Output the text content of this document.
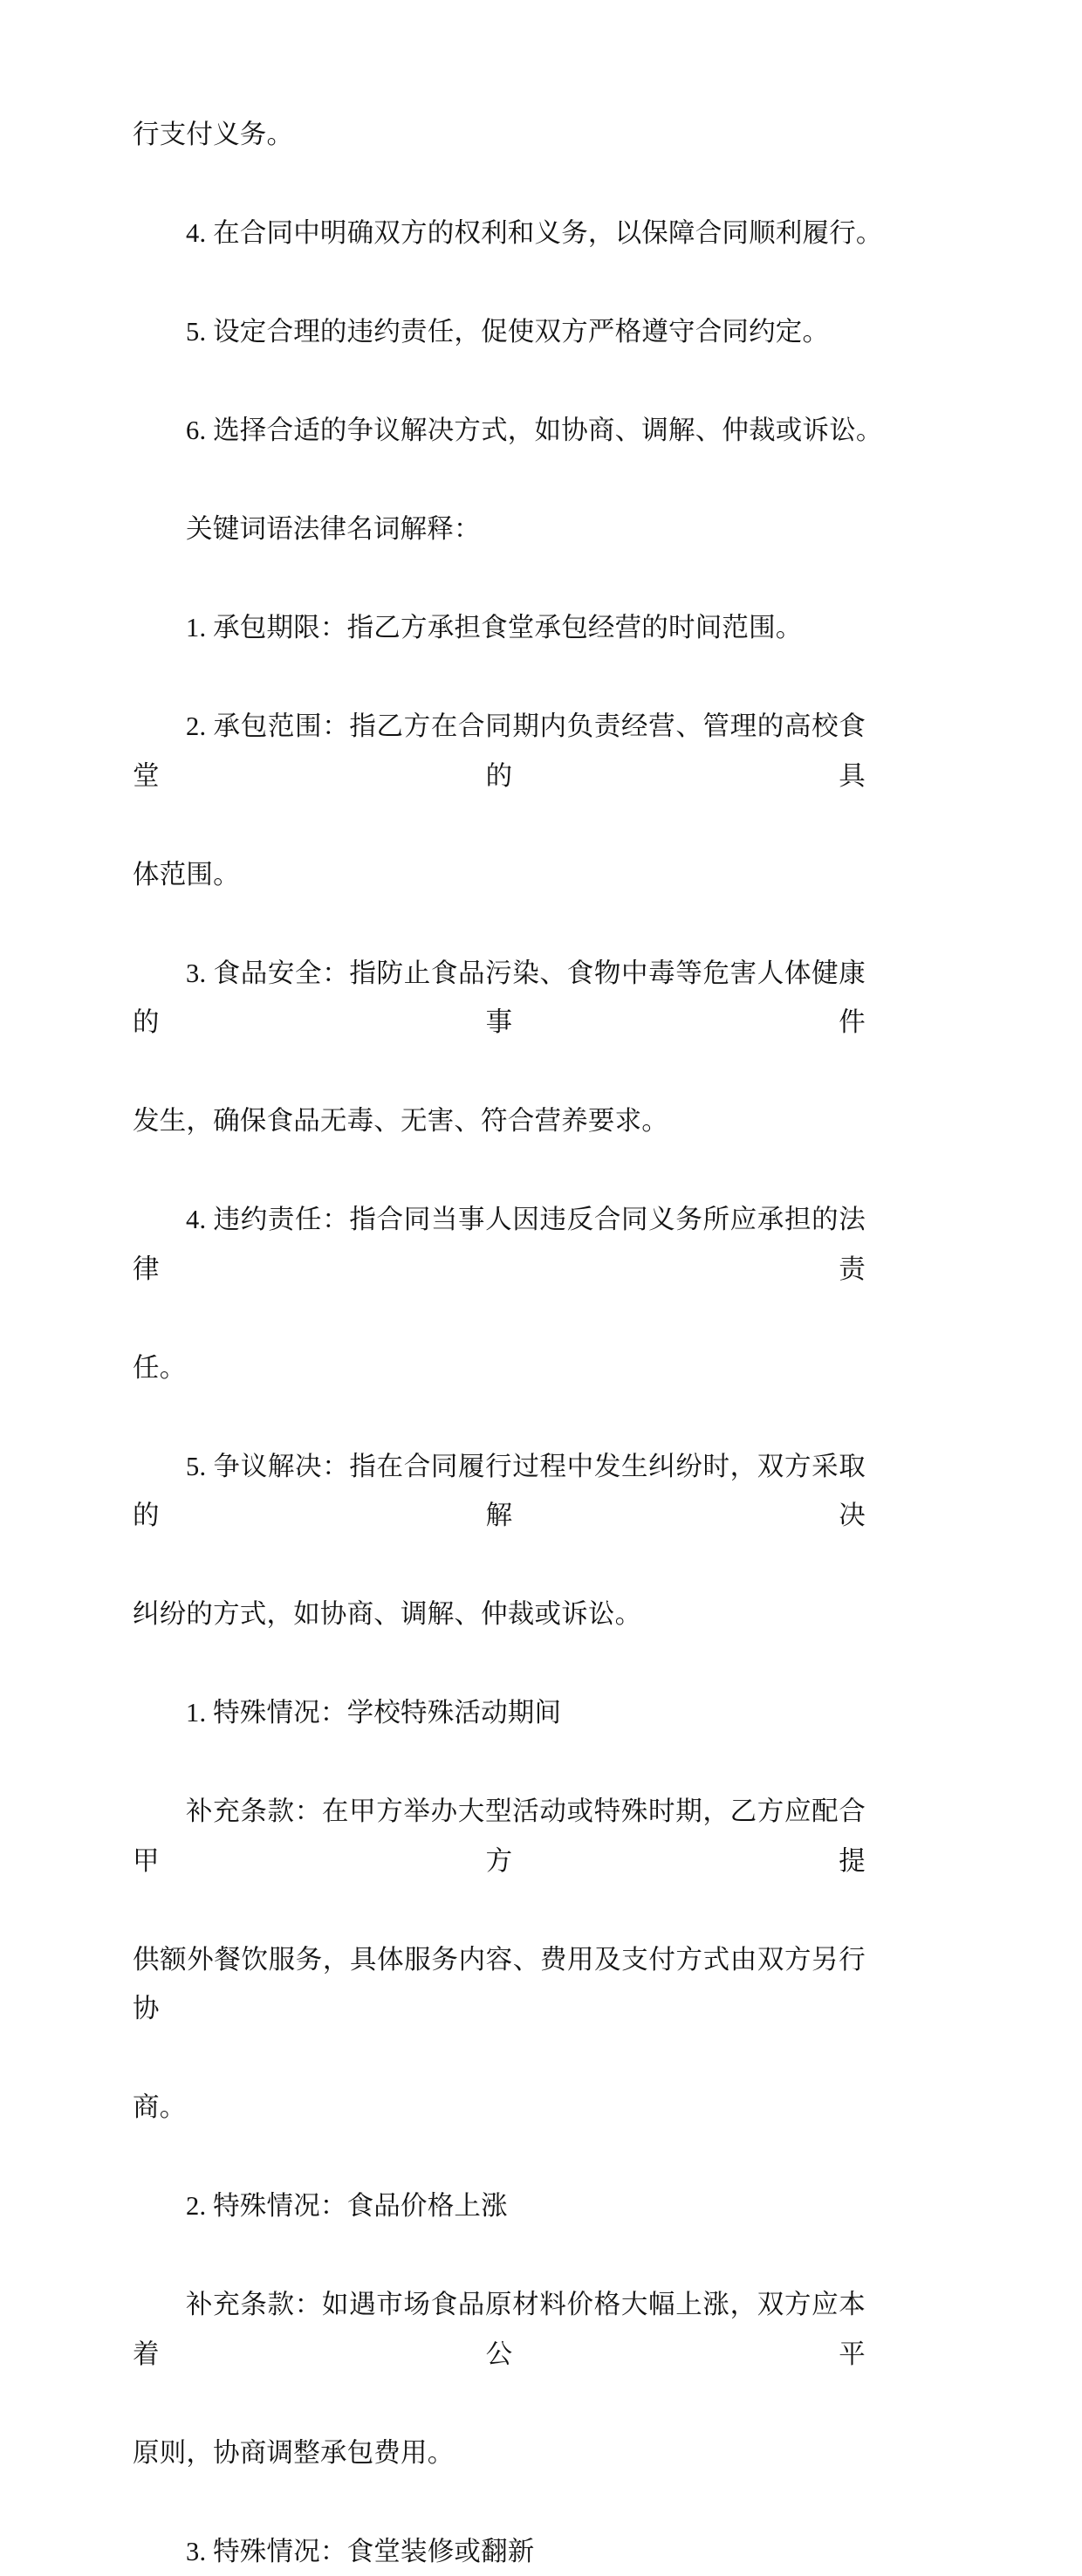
行支付义务。
4. 在合同中明确双方的权利和义务，以保障合同顺利履行。
5. 设定合理的违约责任，促使双方严格遵守合同约定。
6. 选择合适的争议解决方式，如协商、调解、仲裁或诉讼。
关键词语法律名词解释：
1. 承包期限：指乙方承担食堂承包经营的时间范围。
2. 承包范围：指乙方在合同期内负责经营、管理的高校食堂的具
体范围。
3. 食品安全：指防止食品污染、食物中毒等危害人体健康的事件
发生，确保食品无毒、无害、符合营养要求。
4. 违约责任：指合同当事人因违反合同义务所应承担的法律责
任。
5. 争议解决：指在合同履行过程中发生纠纷时，双方采取的解决
纠纷的方式，如协商、调解、仲裁或诉讼。
1. 特殊情况：学校特殊活动期间
补充条款：在甲方举办大型活动或特殊时期，乙方应配合甲方提
供额外餐饮服务，具体服务内容、费用及支付方式由双方另行协
商。
2. 特殊情况：食品价格上涨
补充条款：如遇市场食品原材料价格大幅上涨，双方应本着公平
原则，协商调整承包费用。
3. 特殊情况：食堂装修或翻新
